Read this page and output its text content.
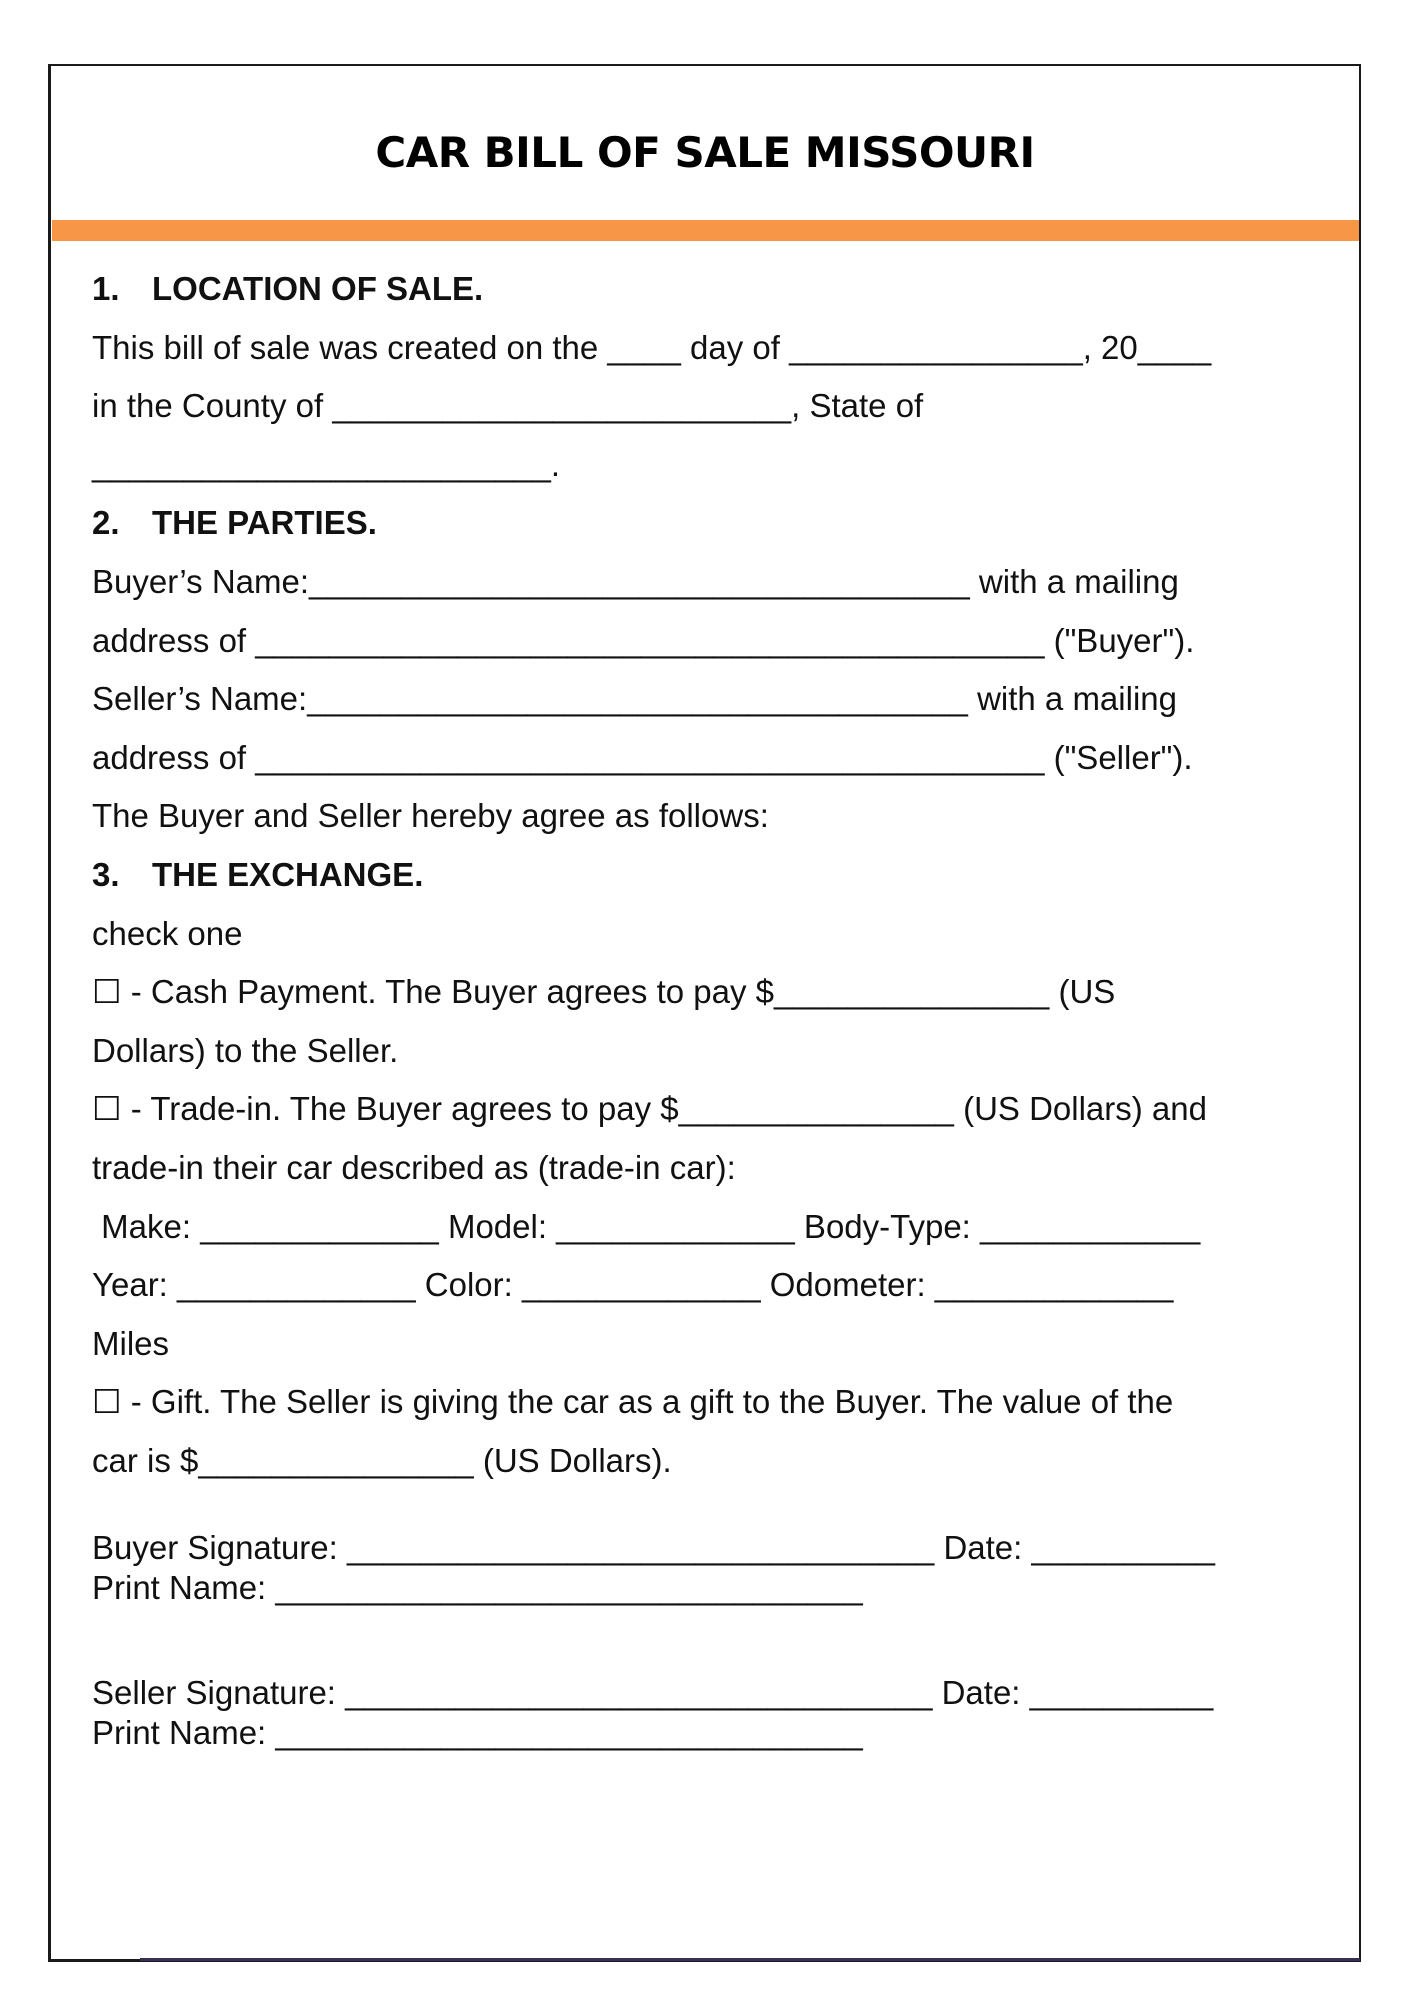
CAR BILL OF SALE MISSOURI
1. LOCATION OF SALE.
This bill of sale was created on the ____ day of ________________, 20____
in the County of _________________________, State of
_________________________.
2. THE PARTIES.
Buyer’s Name:____________________________________ with a mailing
address of ___________________________________________ ("Buyer").
Seller’s Name:____________________________________ with a mailing
address of ___________________________________________ ("Seller").
The Buyer and Seller hereby agree as follows:
3. THE EXCHANGE.
check one
☐ - Cash Payment. The Buyer agrees to pay $_______________ (US
Dollars) to the Seller.
☐ - Trade-in. The Buyer agrees to pay $_______________ (US Dollars) and
trade-in their car described as (trade-in car):
Make: _____________ Model: _____________ Body-Type: ____________
Year: _____________ Color: _____________ Odometer: _____________
Miles
☐ - Gift. The Seller is giving the car as a gift to the Buyer. The value of the
car is $_______________ (US Dollars).
Buyer Signature: ________________________________ Date: __________
Print Name: ________________________________
Seller Signature: ________________________________ Date: __________
Print Name: ________________________________
